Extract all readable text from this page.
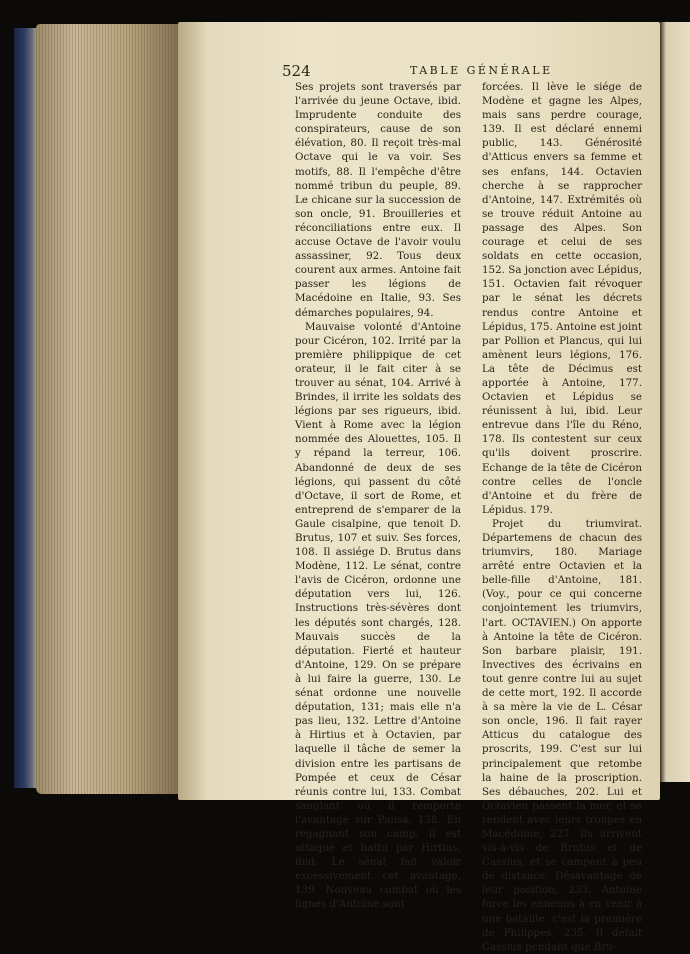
524	TABLE GÉNÉRALE

Ses projets sont traversés par l'arrivée du jeune Octave, ibid. Imprudente conduite des conspirateurs, cause de son élévation, 80. Il reçoit très-mal Octave qui le va voir. Ses motifs, 88. Il l'empêche d'être nommé tribun du peuple, 89. Le chicane sur la succession de son oncle, 91. Brouilleries et réconciliations entre eux. Il accuse Octave de l'avoir voulu assassiner, 92. Tous deux courent aux armes. Antoine fait passer les légions de Macédoine en Italie, 93. Ses démarches populaires, 94.

Mauvaise volonté d'Antoine pour Cicéron, 102. Irrité par la première philippique de cet orateur, il le fait citer à se trouver au sénat, 104. Arrivé à Brindes, il irrite les soldats des légions par ses rigueurs, ibid. Vient à Rome avec la légion nommée des Alouettes, 105. Il y répand la terreur, 106. Abandonné de deux de ses légions, qui passent du côté d'Octave, il sort de Rome, et entreprend de s'emparer de la Gaule cisalpine, que tenoit D. Brutus, 107 et suiv. Ses forces, 108. Il assiége D. Brutus dans Modène, 112. Le sénat, contre l'avis de Cicéron, ordonne une députation vers lui, 126. Instructions très-sévères dont les députés sont chargés, 128. Mauvais succès de la députation. Fierté et hauteur d'Antoine, 129. On se prépare à lui faire la guerre, 130. Le sénat ordonne une nouvelle députation, 131; mais elle n'a pas lieu, 132. Lettre d'Antoine à Hirtius et à Octavien, par laquelle il tâche de semer la division entre les partisans de Pompée et ceux de César réunis contre lui, 133. Combat sanglant où il remporte l'avantage sur Pansa, 138. En regagnant son camp, il est attaqué et battu par Hirtius, ibid. Le sénat fait valoir excessivement cet avantage, 139. Nouveau combat où les lignes d'Antoine sont

forcées. Il lève le siége de Modène et gagne les Alpes, mais sans perdre courage, 139. Il est déclaré ennemi public, 143. Générosité d'Atticus envers sa femme et ses enfans, 144. Octavien cherche à se rapprocher d'Antoine, 147. Extrémités où se trouve réduit Antoine au passage des Alpes. Son courage et celui de ses soldats en cette occasion, 152. Sa jonction avec Lépidus, 151. Octavien fait révoquer par le sénat les décrets rendus contre Antoine et Lépidus, 175. Antoine est joint par Pollion et Plancus, qui lui amènent leurs légions, 176. La tête de Décimus est apportée à Antoine, 177. Octavien et Lépidus se réunissent à lui, ibid. Leur entrevue dans l'île du Réno, 178. Ils contestent sur ceux qu'ils doivent proscrire. Echange de la tête de Cicéron contre celles de l'oncle d'Antoine et du frère de Lépidus. 179.

Projet du triumvirat. Départemens de chacun des triumvirs, 180. Mariage arrêté entre Octavien et la belle-fille d'Antoine, 181. (Voy., pour ce qui concerne conjointement les triumvirs, l'art. OCTAVIEN.) On apporte à Antoine la tête de Cicéron. Son barbare plaisir, 191. Invectives des écrivains en tout genre contre lui au sujet de cette mort, 192. Il accorde à sa mère la vie de L. César son oncle, 196. Il fait rayer Atticus du catalogue des proscrits, 199. C'est sur lui principalement que retombe la haine de la proscription. Ses débauches, 202. Lui et Octavien passent la mer, et se rendent avec leurs troupes en Macédoine, 227. Ils arrivent vis-à-vis de Brutus et de Cassius, et se campent à peu de distance. Désavantage de leur position, 233. Antoine force les ennemis à en venir à une bataille: c'est la première de Philippes, 235. Il défait Cassius pendant que Bru-
